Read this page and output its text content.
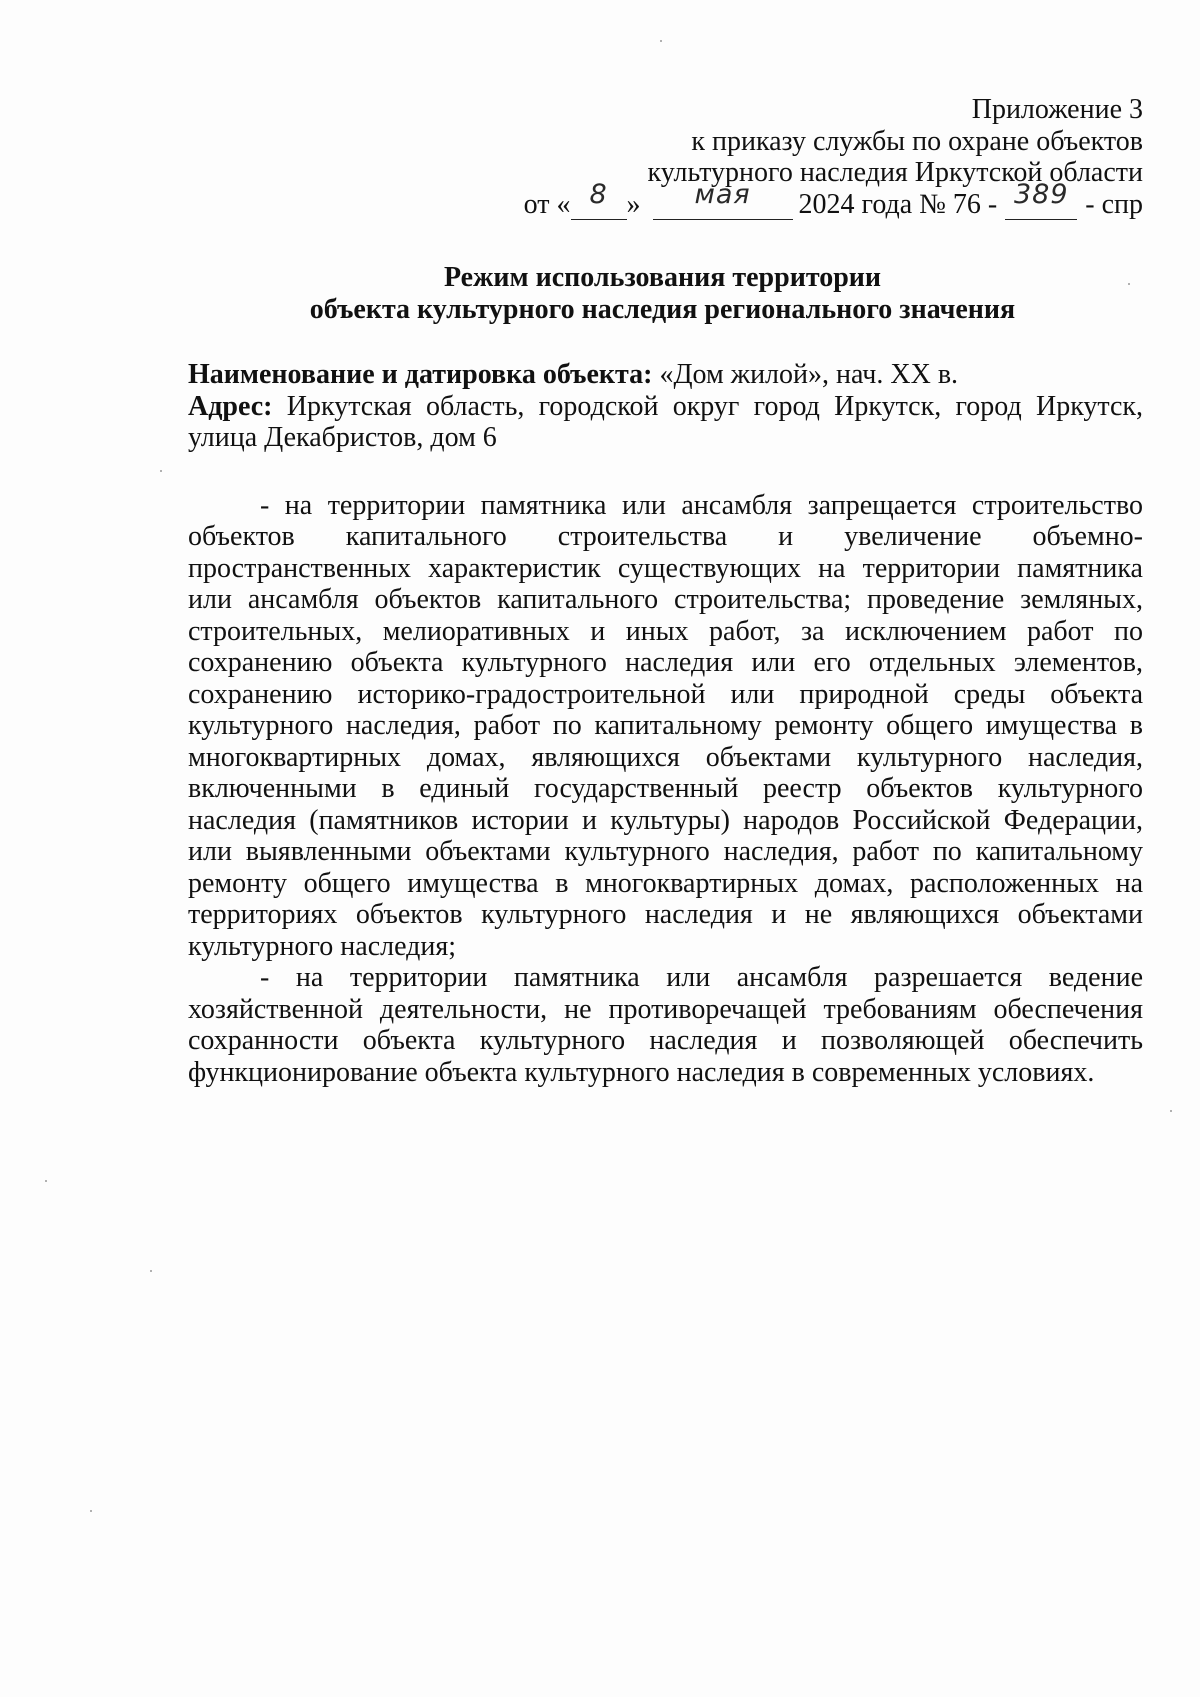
Приложение 3
к приказу службы по охране объектов
культурного наследия Иркутской области
от « 8 »	мая	2024 года № 76 - 389 - спр
Режим использования территории
объекта культурного наследия регионального значения
Наименование и датировка объекта: «Дом жилой», нач. XX в.
Адрес: Иркутская область, городской округ город Иркутск, город Иркутск, улица Декабристов, дом 6
- на территории памятника или ансамбля запрещается строительство объектов капитального строительства и увеличение объемно-пространственных характеристик существующих на территории памятника или ансамбля объектов капитального строительства; проведение земляных, строительных, мелиоративных и иных работ, за исключением работ по сохранению объекта культурного наследия или его отдельных элементов, сохранению историко-градостроительной или природной среды объекта культурного наследия, работ по капитальному ремонту общего имущества в многоквартирных домах, являющихся объектами культурного наследия, включенными в единый государственный реестр объектов культурного наследия (памятников истории и культуры) народов Российской Федерации, или выявленными объектами культурного наследия, работ по капитальному ремонту общего имущества в многоквартирных домах, расположенных на территориях объектов культурного наследия и не являющихся объектами культурного наследия;
- на территории памятника или ансамбля разрешается ведение хозяйственной деятельности, не противоречащей требованиям обеспечения сохранности объекта культурного наследия и позволяющей обеспечить функционирование объекта культурного наследия в современных условиях.
